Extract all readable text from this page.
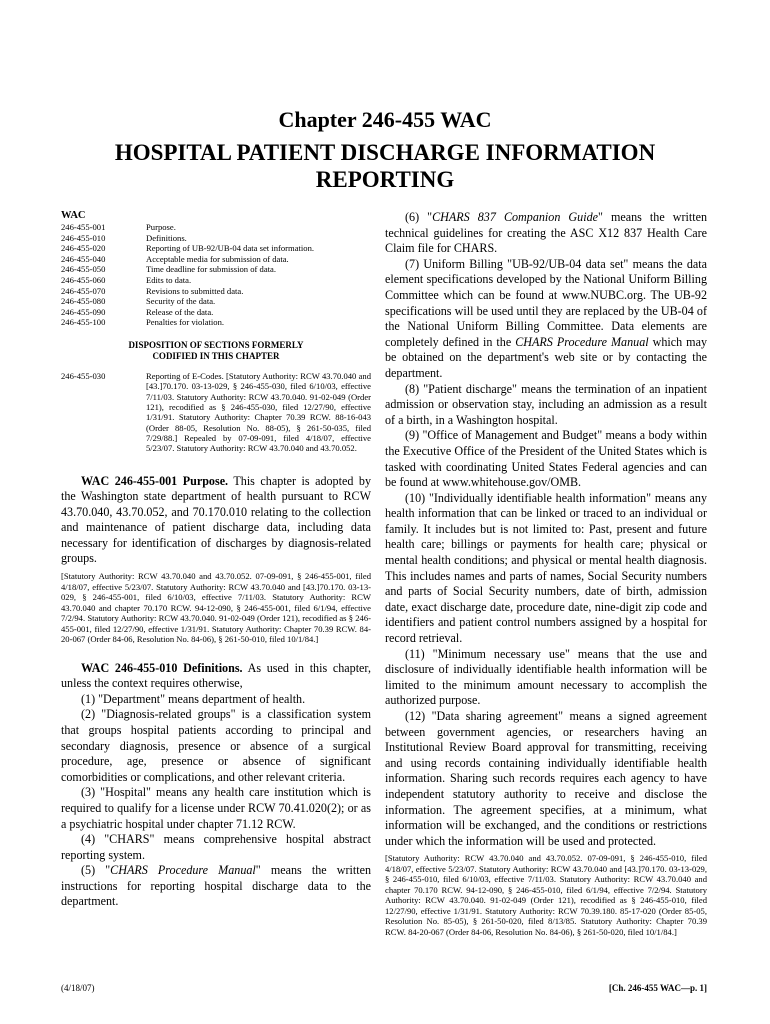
Chapter 246-455 WAC
HOSPITAL PATIENT DISCHARGE INFORMATION REPORTING
WAC
246-455-001	Purpose.
246-455-010	Definitions.
246-455-020	Reporting of UB-92/UB-04 data set information.
246-455-040	Acceptable media for submission of data.
246-455-050	Time deadline for submission of data.
246-455-060	Edits to data.
246-455-070	Revisions to submitted data.
246-455-080	Security of the data.
246-455-090	Release of the data.
246-455-100	Penalties for violation.
DISPOSITION OF SECTIONS FORMERLY
CODIFIED IN THIS CHAPTER
246-455-030	Reporting of E-Codes. [Statutory Authority: RCW 43.70.040 and [43.]70.170. 03-13-029, § 246-455-030, filed 6/10/03, effective 7/11/03. Statutory Authority: RCW 43.70.040. 91-02-049 (Order 121), recodified as § 246-455-030, filed 12/27/90, effective 1/31/91. Statutory Authority: Chapter 70.39 RCW. 88-16-043 (Order 88-05, Resolution No. 88-05), § 261-50-035, filed 7/29/88.] Repealed by 07-09-091, filed 4/18/07, effective 5/23/07. Statutory Authority: RCW 43.70.040 and 43.70.052.

WAC 246-455-001 Purpose. This chapter is adopted by the Washington state department of health pursuant to RCW 43.70.040, 43.70.052, and 70.170.010 relating to the collection and maintenance of patient discharge data, including data necessary for identification of discharges by diagnosis-related groups.

[Statutory Authority: RCW 43.70.040 and 43.70.052. 07-09-091, § 246-455-001, filed 4/18/07, effective 5/23/07. Statutory Authority: RCW 43.70.040 and [43.]70.170. 03-13-029, § 246-455-001, filed 6/10/03, effective 7/11/03. Statutory Authority: RCW 43.70.040 and chapter 70.170 RCW. 94-12-090, § 246-455-001, filed 6/1/94, effective 7/2/94. Statutory Authority: RCW 43.70.040. 91-02-049 (Order 121), recodified as § 246-455-001, filed 12/27/90, effective 1/31/91. Statutory Authority: Chapter 70.39 RCW. 84-20-067 (Order 84-06, Resolution No. 84-06), § 261-50-010, filed 10/1/84.]

WAC 246-455-010 Definitions. As used in this chapter, unless the context requires otherwise,

(1) "Department" means department of health.

(2) "Diagnosis-related groups" is a classification system that groups hospital patients according to principal and secondary diagnosis, presence or absence of a surgical procedure, age, presence or absence of significant comorbidities or complications, and other relevant criteria.

(3) "Hospital" means any health care institution which is required to qualify for a license under RCW 70.41.020(2); or as a psychiatric hospital under chapter 71.12 RCW.

(4) "CHARS" means comprehensive hospital abstract reporting system.

(5) "CHARS Procedure Manual" means the written instructions for reporting hospital discharge data to the department.

(6) "CHARS 837 Companion Guide" means the written technical guidelines for creating the ASC X12 837 Health Care Claim file for CHARS.

(7) Uniform Billing "UB-92/UB-04 data set" means the data element specifications developed by the National Uniform Billing Committee which can be found at www.NUBC.org. The UB-92 specifications will be used until they are replaced by the UB-04 of the National Uniform Billing Committee. Data elements are completely defined in the CHARS Procedure Manual which may be obtained on the department's web site or by contacting the department.

(8) "Patient discharge" means the termination of an inpatient admission or observation stay, including an admission as a result of a birth, in a Washington hospital.

(9) "Office of Management and Budget" means a body within the Executive Office of the President of the United States which is tasked with coordinating United States Federal agencies and can be found at www.whitehouse.gov/OMB.

(10) "Individually identifiable health information" means any health information that can be linked or traced to an individual or family. It includes but is not limited to: Past, present and future health care; billings or payments for health care; physical or mental health conditions; and physical or mental health diagnosis. This includes names and parts of names, Social Security numbers and parts of Social Security numbers, date of birth, admission date, exact discharge date, procedure date, nine-digit zip code and identifiers and patient control numbers assigned by a hospital for record retrieval.

(11) "Minimum necessary use" means that the use and disclosure of individually identifiable health information will be limited to the minimum amount necessary to accomplish the authorized purpose.

(12) "Data sharing agreement" means a signed agreement between government agencies, or researchers having an Institutional Review Board approval for transmitting, receiving and using records containing individually identifiable health information. Sharing such records requires each agency to have independent statutory authority to receive and disclose the information. The agreement specifies, at a minimum, what information will be exchanged, and the conditions or restrictions under which the information will be used and protected.

[Statutory Authority: RCW 43.70.040 and 43.70.052. 07-09-091, § 246-455-010, filed 4/18/07, effective 5/23/07. Statutory Authority: RCW 43.70.040 and [43.]70.170. 03-13-029, § 246-455-010, filed 6/10/03, effective 7/11/03. Statutory Authority: RCW 43.70.040 and chapter 70.170 RCW. 94-12-090, § 246-455-010, filed 6/1/94, effective 7/2/94. Statutory Authority: RCW 43.70.040. 91-02-049 (Order 121), recodified as § 246-455-010, filed 12/27/90, effective 1/31/91. Statutory Authority: RCW 70.39.180. 85-17-020 (Order 85-05, Resolution No. 85-05), § 261-50-020, filed 8/13/85. Statutory Authority: Chapter 70.39 RCW. 84-20-067 (Order 84-06, Resolution No. 84-06), § 261-50-020, filed 10/1/84.]

(4/18/07)	[Ch. 246-455 WAC—p. 1]
